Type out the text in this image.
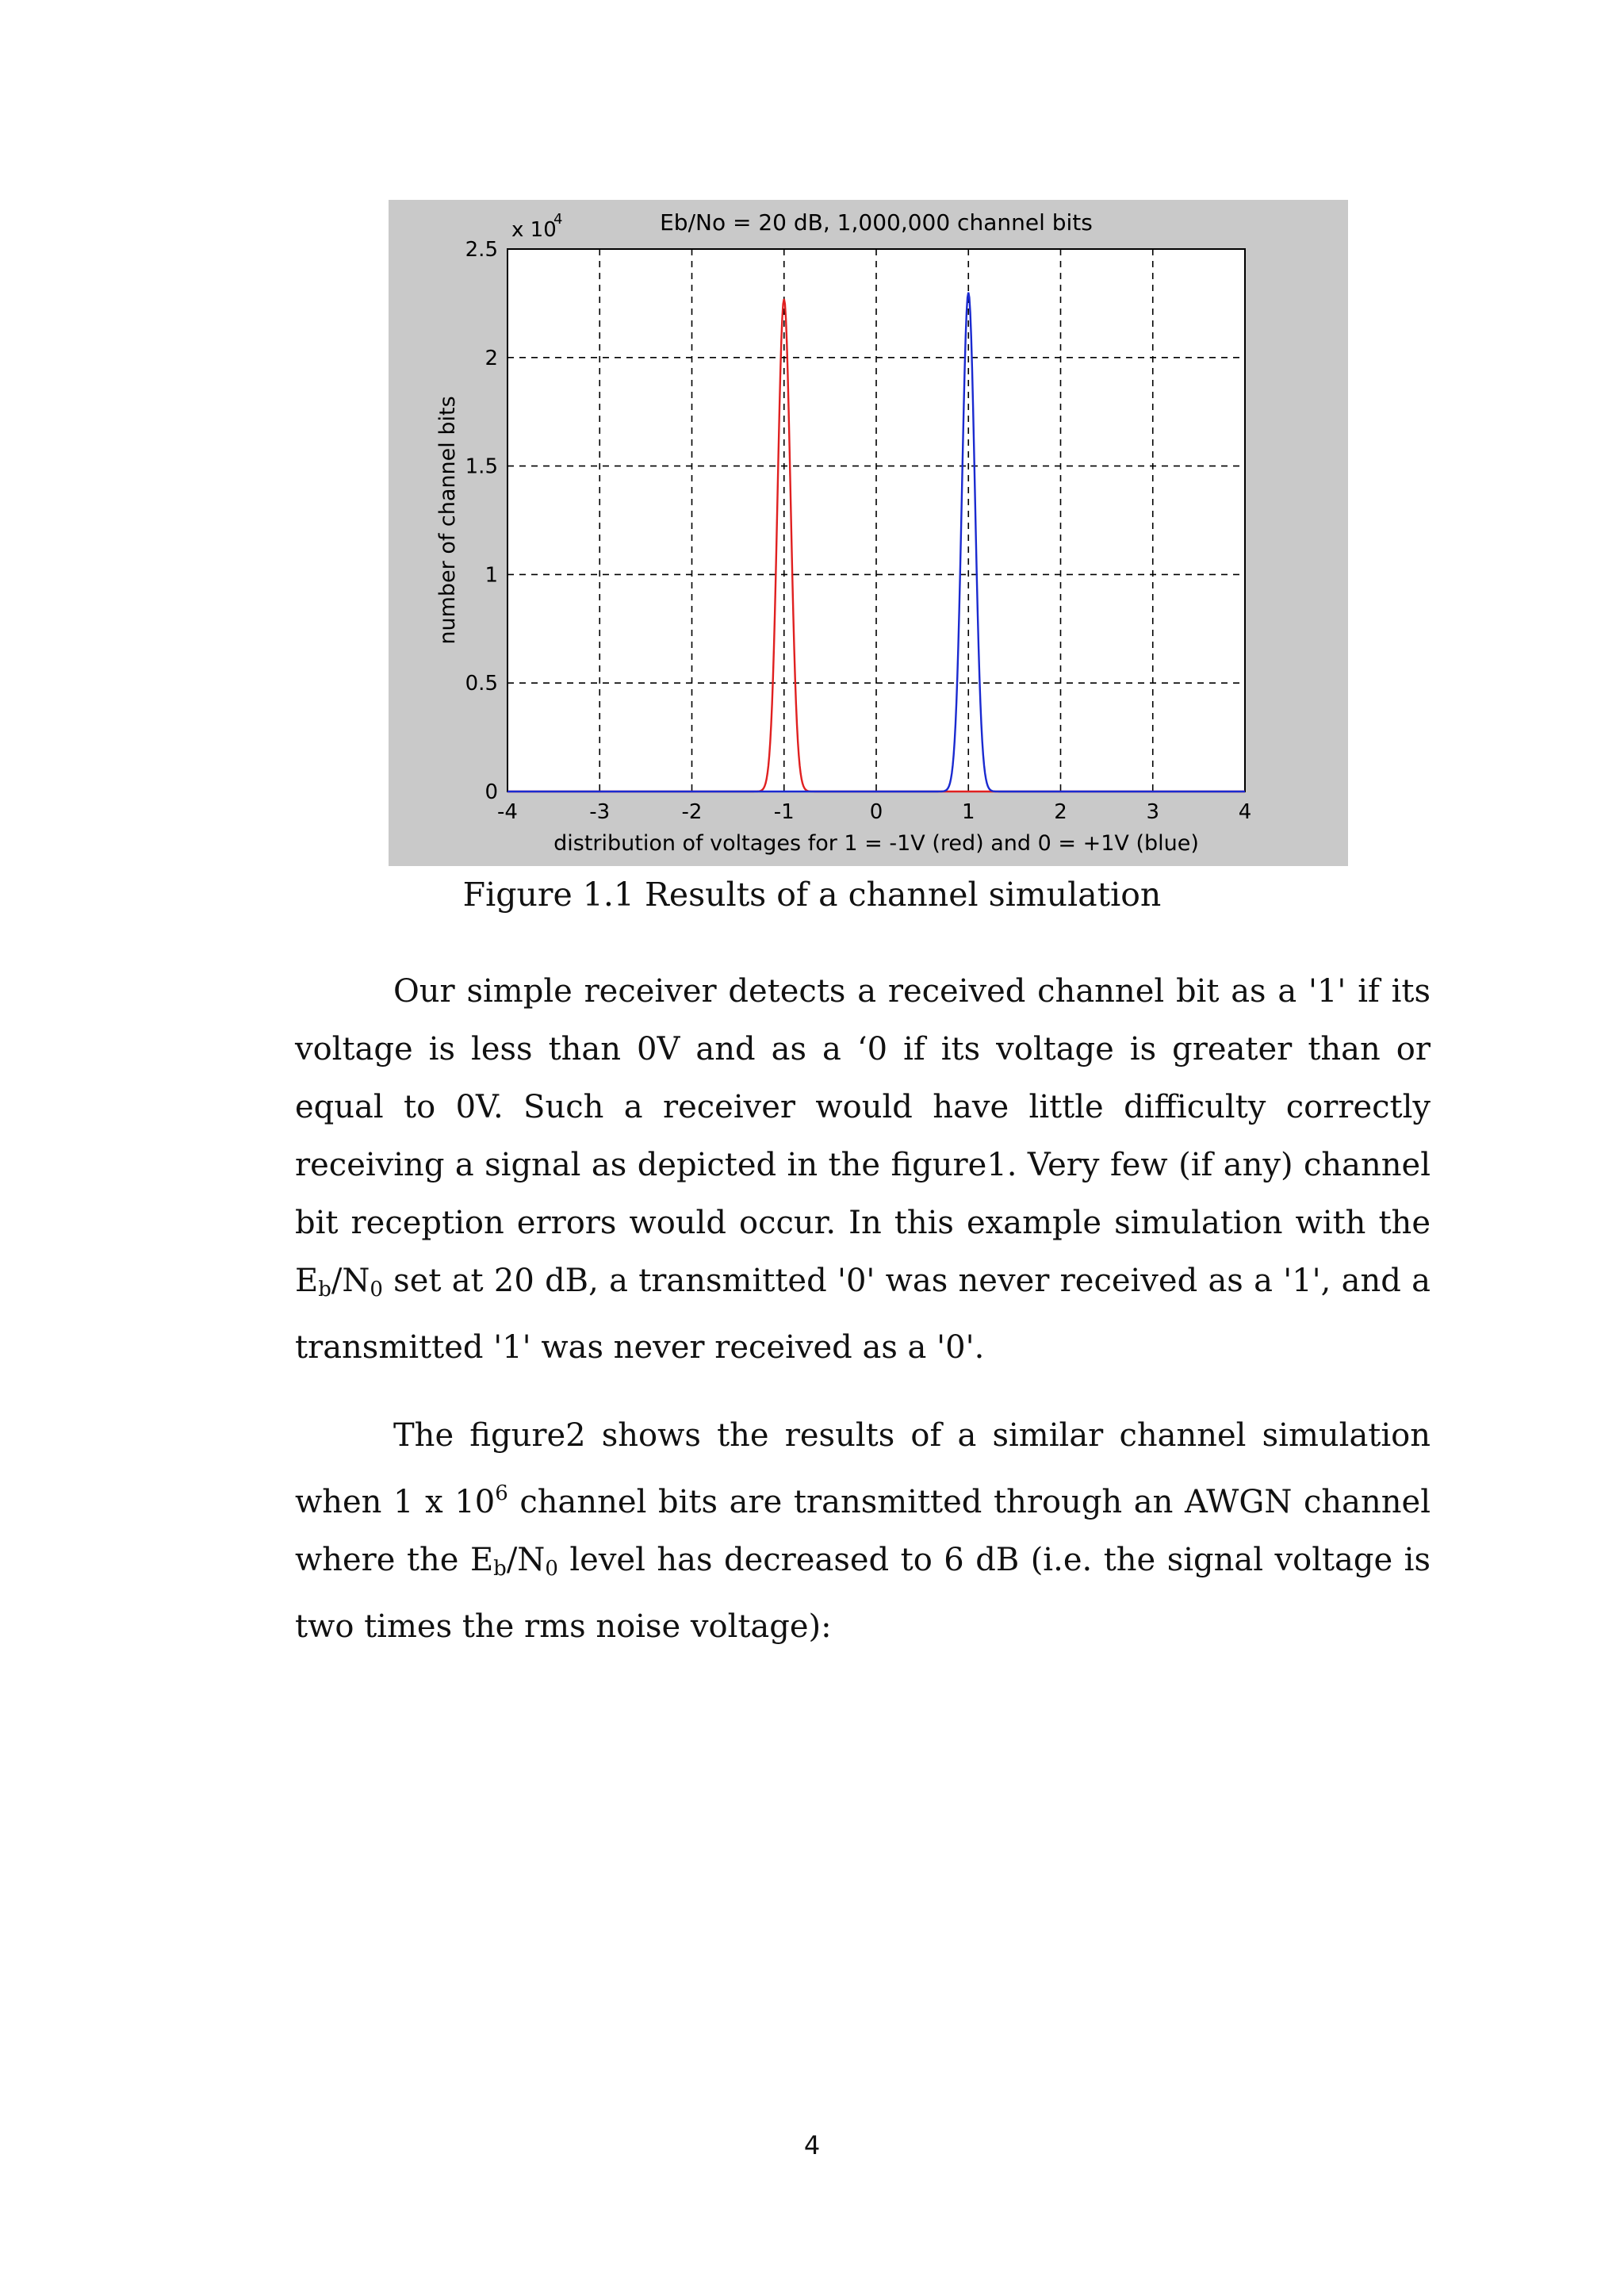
-4	-3	-2	-1	0	1	2	3	4
0
0.5
1
1.5
2
2.5
Eb/No = 20 dB, 1,000,000 channel bits
x 10
4
distribution of voltages for 1 = -1V (red) and 0 = +1V (blue)
number of channel bits
Figure 1.1 Results of a channel simulation

Our simple receiver detects a received channel bit as a '1' if its voltage is less than 0V and as a ‘0 if its voltage is greater than or equal to 0V. Such a receiver would have little difficulty correctly receiving a signal as depicted in the figure1. Very few (if any) channel bit reception errors would occur. In this example simulation with the $E_b/N_0$ set at 20 dB, a transmitted '0' was never received as a '1', and a transmitted '1' was never received as a '0'.

The figure2 shows the results of a similar channel simulation when 1 x $10^6$ channel bits are transmitted through an AWGN channel where the $E_b/N_0$ level has decreased to 6 dB (i.e. the signal voltage is two times the rms noise voltage):

4
